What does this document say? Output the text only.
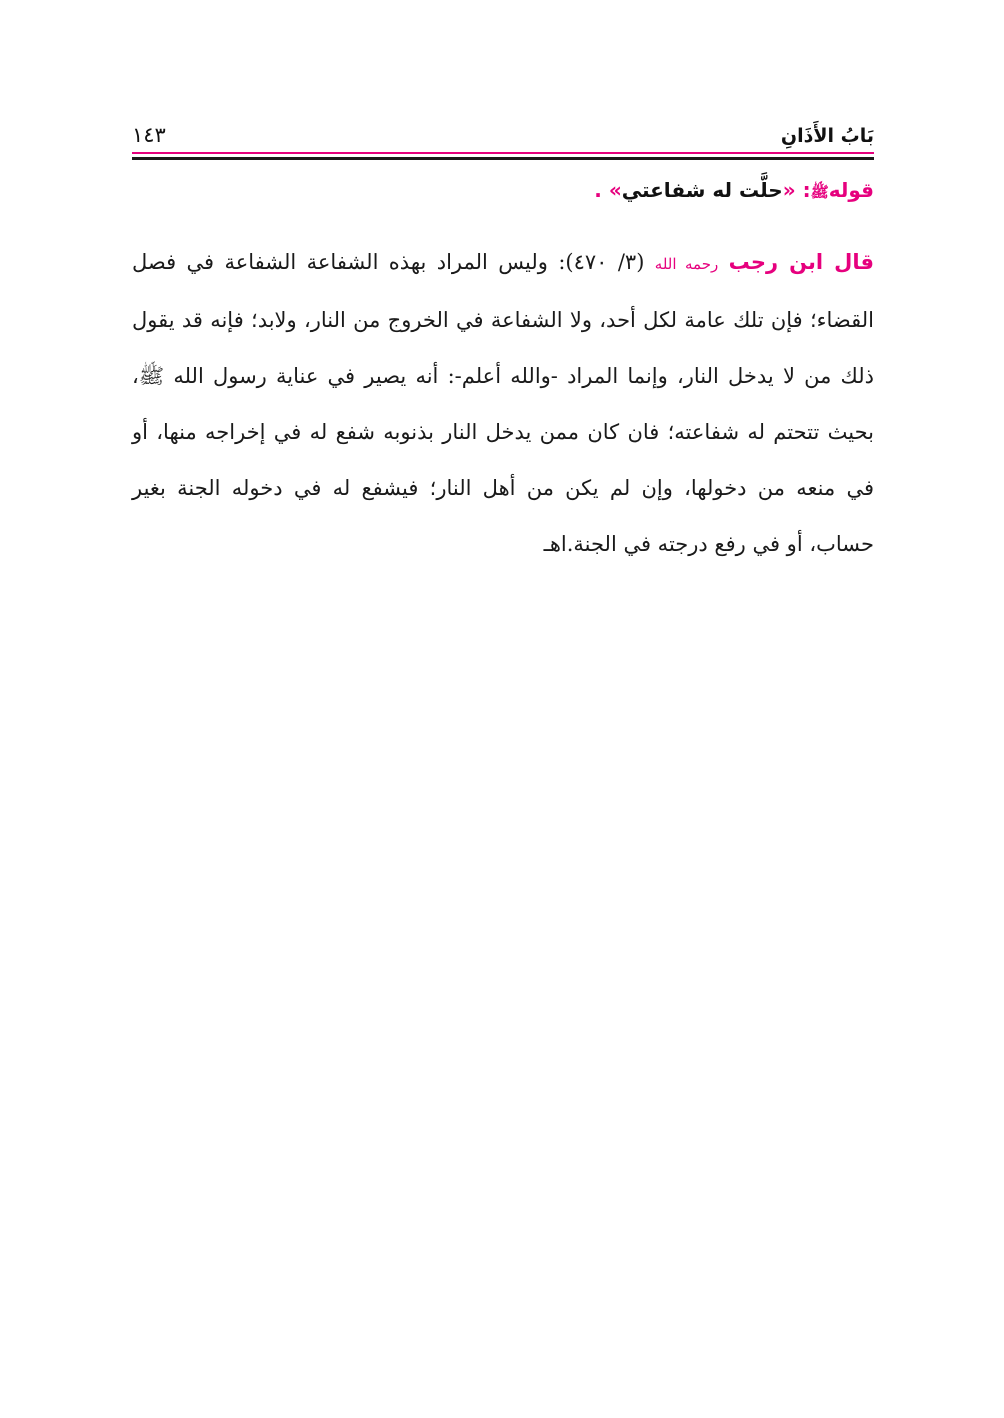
بَابُ الأَذَانِ
١٤٣
قولهﷺ: «حلَّت له شفاعتي» .

قال ابن رجب رحمه الله (٣/ ٤٧٠): وليس المراد بهذه الشفاعة الشفاعة في فصل القضاء؛ فإن تلك عامة لكل أحد، ولا الشفاعة في الخروج من النار، ولابد؛ فإنه قد يقول ذلك من لا يدخل النار، وإنما المراد -والله أعلم-: أنه يصير في عناية رسول الله ﷺ، بحيث تتحتم له شفاعته؛ فان كان ممن يدخل النار بذنوبه شفع له في إخراجه منها، أو في منعه من دخولها، وإن لم يكن من أهل النار؛ فيشفع له في دخوله الجنة بغير حساب، أو في رفع درجته في الجنة.اهـ
